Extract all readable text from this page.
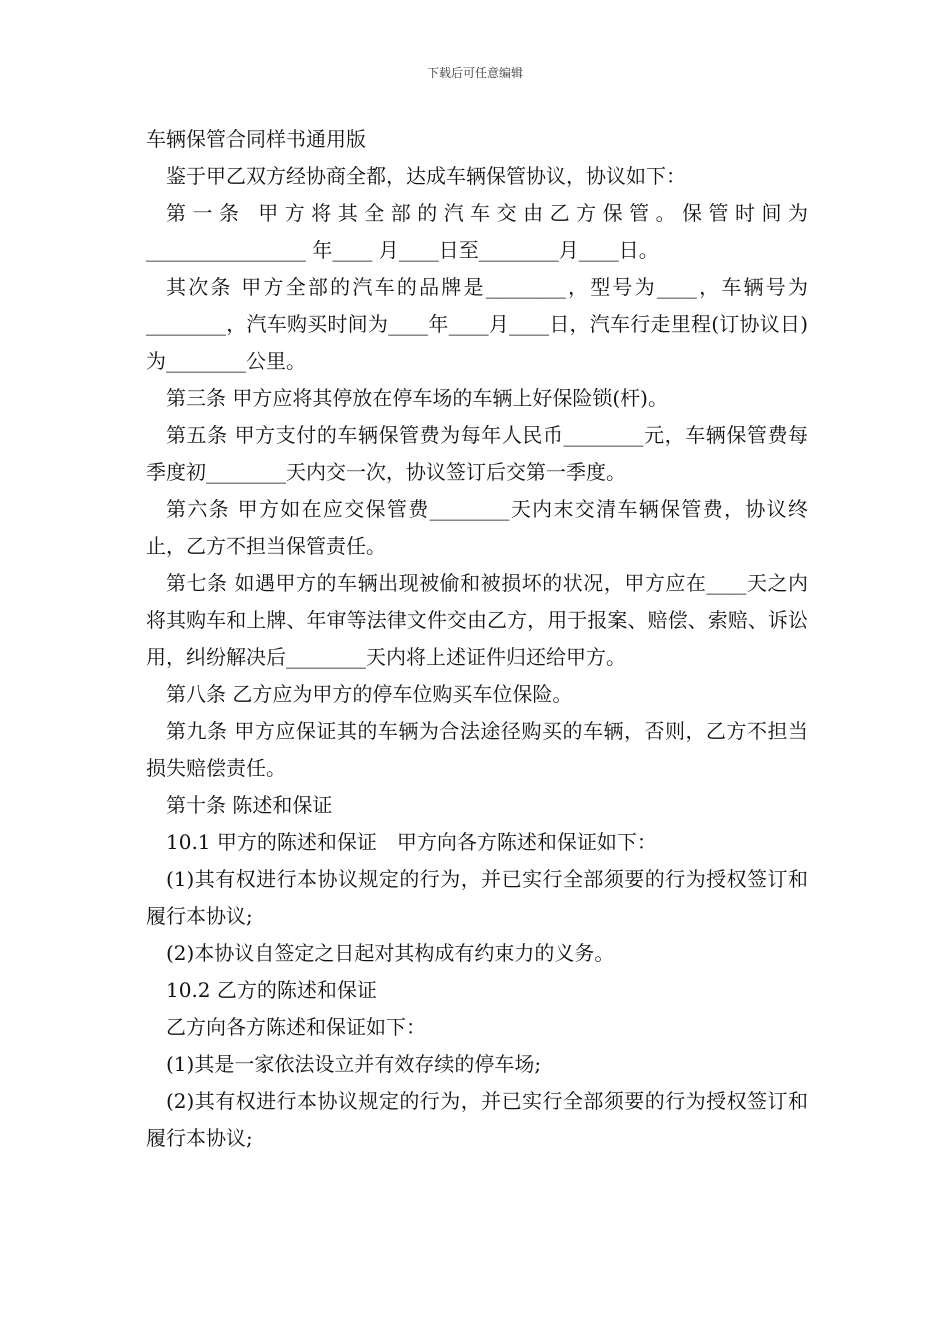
下载后可任意编辑

车辆保管合同样书通用版

鉴于甲乙双方经协商全都，达成车辆保管协议，协议如下：

第一条 甲方将其全部的汽车交由乙方保管。保管时间为________________ 年____ 月____日至________月____日。

其次条 甲方全部的汽车的品牌是________，型号为____，车辆号为________，汽车购买时间为____年____月____日，汽车行走里程(订协议日)为________公里。

第三条 甲方应将其停放在停车场的车辆上好保险锁(杆)。

第五条 甲方支付的车辆保管费为每年人民币________元，车辆保管费每季度初________天内交一次，协议签订后交第一季度。

第六条 甲方如在应交保管费________天内末交清车辆保管费，协议终止，乙方不担当保管责任。

第七条 如遇甲方的车辆出现被偷和被损坏的状况，甲方应在____天之内将其购车和上牌、年审等法律文件交由乙方，用于报案、赔偿、索赔、诉讼用，纠纷解决后________天内将上述证件归还给甲方。

第八条 乙方应为甲方的停车位购买车位保险。

第九条 甲方应保证其的车辆为合法途径购买的车辆，否则，乙方不担当损失赔偿责任。

第十条 陈述和保证

10.1 甲方的陈述和保证　甲方向各方陈述和保证如下：

(1)其有权进行本协议规定的行为，并已实行全部须要的行为授权签订和履行本协议;

(2)本协议自签定之日起对其构成有约束力的义务。

10.2 乙方的陈述和保证

乙方向各方陈述和保证如下：

(1)其是一家依法设立并有效存续的停车场;

(2)其有权进行本协议规定的行为，并已实行全部须要的行为授权签订和履行本协议;
